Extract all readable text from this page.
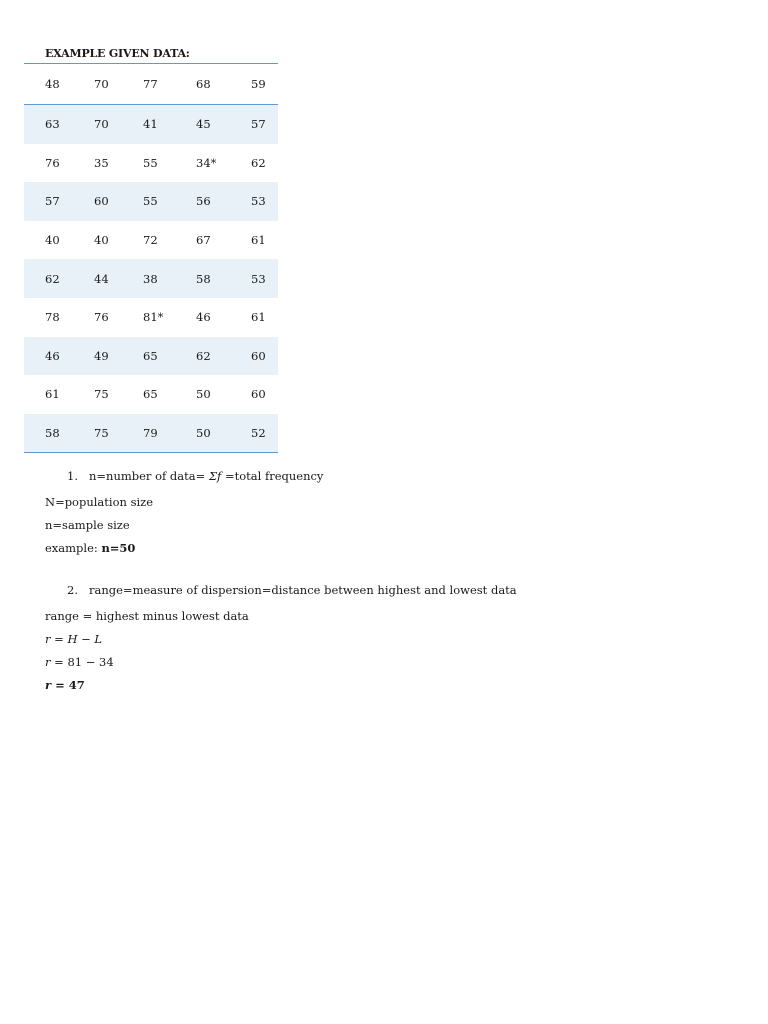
EXAMPLE GIVEN DATA:
48	70	77	68	59
63	70	41	45	57
76	35	55	34*	62
57	60	55	56	53
40	40	72	67	61
62	44	38	58	53
78	76	81*	46	61
46	49	65	62	60
61	75	65	50	60
58	75	79	50	52
1. n=number of data= Σf =total frequency
N=population size
n=sample size
example: n=50
2. range=measure of dispersion=distance between highest and lowest data
range = highest minus lowest data
r = H − L
r = 81 − 34
r = 47
